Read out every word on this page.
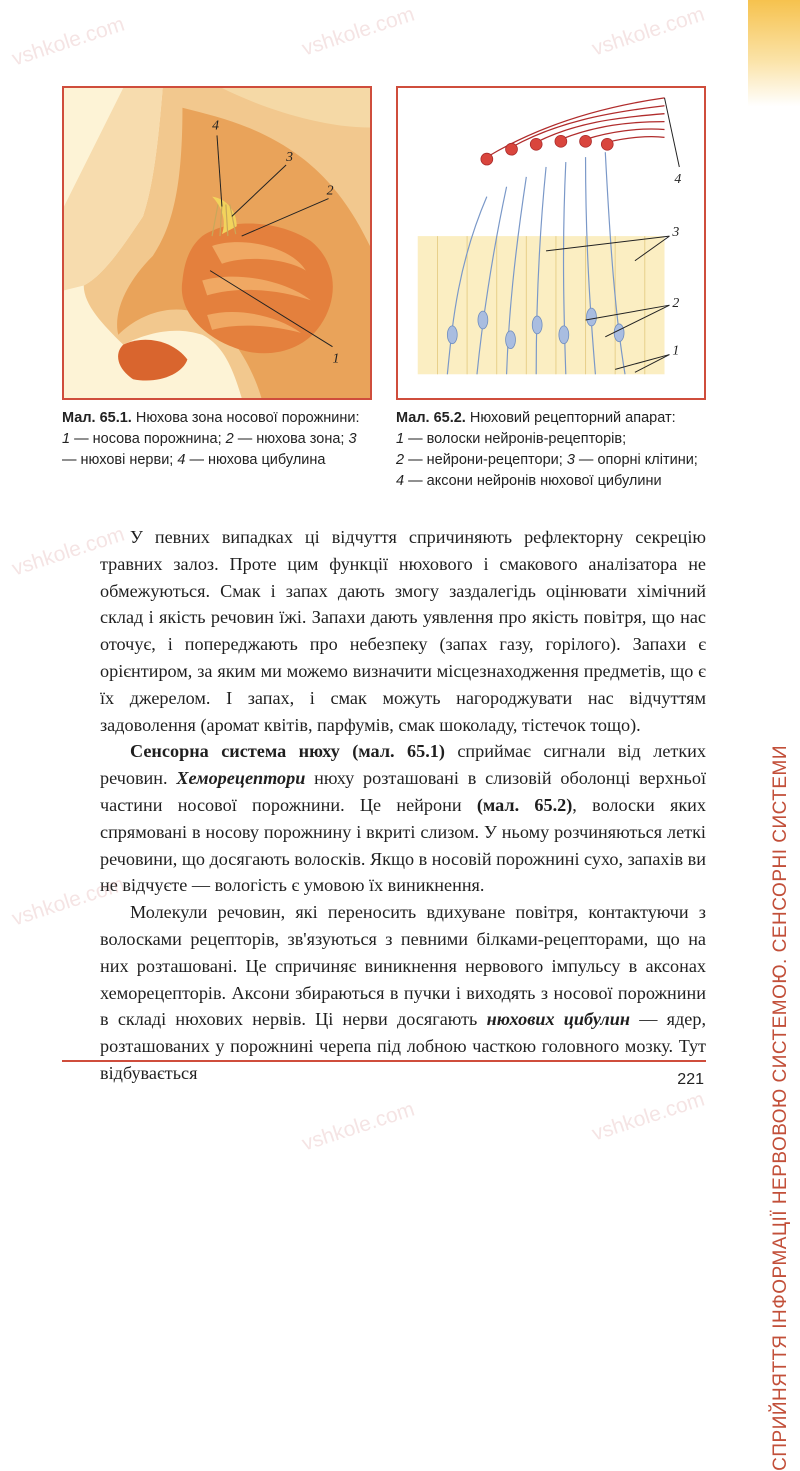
СПРИЙНЯТТЯ ІНФОРМАЦІЇ НЕРВОВОЮ СИСТЕМОЮ. СЕНСОРНІ СИСТЕМИ
4
3
2
1
4
3
2
1
Мал. 65.1. Нюхова зона носової порожнини: 1 — носова порожнина; 2 — нюхова зона; 3 — нюхові нерви; 4 — нюхова цибулина
Мал. 65.2. Нюховий рецепторний апарат:
1 — волоски нейронів-рецепторів;
2 — нейрони-рецептори; 3 — опорні клітини; 4 — аксони нейронів нюхової цибулини

У певних випадках ці відчуття спричиняють рефлекторну секрецію травних залоз. Проте цим функції нюхового і смакового аналізатора не обмежуються. Смак і запах дають змогу заздалегідь оцінювати хімічний склад і якість речовин їжі. Запахи дають уявлення про якість повітря, що нас оточує, і попереджають про небезпеку (запах газу, горілого). Запахи є орієнтиром, за яким ми можемо визначити місцезнаходження предметів, що є їх джерелом. І запах, і смак можуть нагороджувати нас відчуттям задоволення (аромат квітів, парфумів, смак шоколаду, тістечок тощо).

Сенсорна система нюху (мал. 65.1) сприймає сигнали від летких речовин. Хеморецептори нюху розташовані в слизовій оболонці верхньої частини носової порожнини. Це нейрони (мал. 65.2), волоски яких спрямовані в носову порожнину і вкриті слизом. У ньому розчиняються леткі речовини, що досягають волосків. Якщо в носовій порожнині сухо, запахів ви не відчуєте — вологість є умовою їх виникнення.

Молекули речовин, які переносить вдихуване повітря, контактуючи з волосками рецепторів, зв'язуються з певними білками-рецепторами, що на них розташовані. Це спричиняє виникнення нервового імпульсу в аксонах хеморецепторів. Аксони збираються в пучки і виходять з носової порожнини в складі нюхових нервів. Ці нерви досягають нюхових цибулин — ядер, розташованих у порожнині черепа під лобною часткою головного мозку. Тут відбувається	221
vshkole.com	vshkole.com	vshkole.com
vshkole.com
vshkole.com
vshkole.com	vshkole.com
